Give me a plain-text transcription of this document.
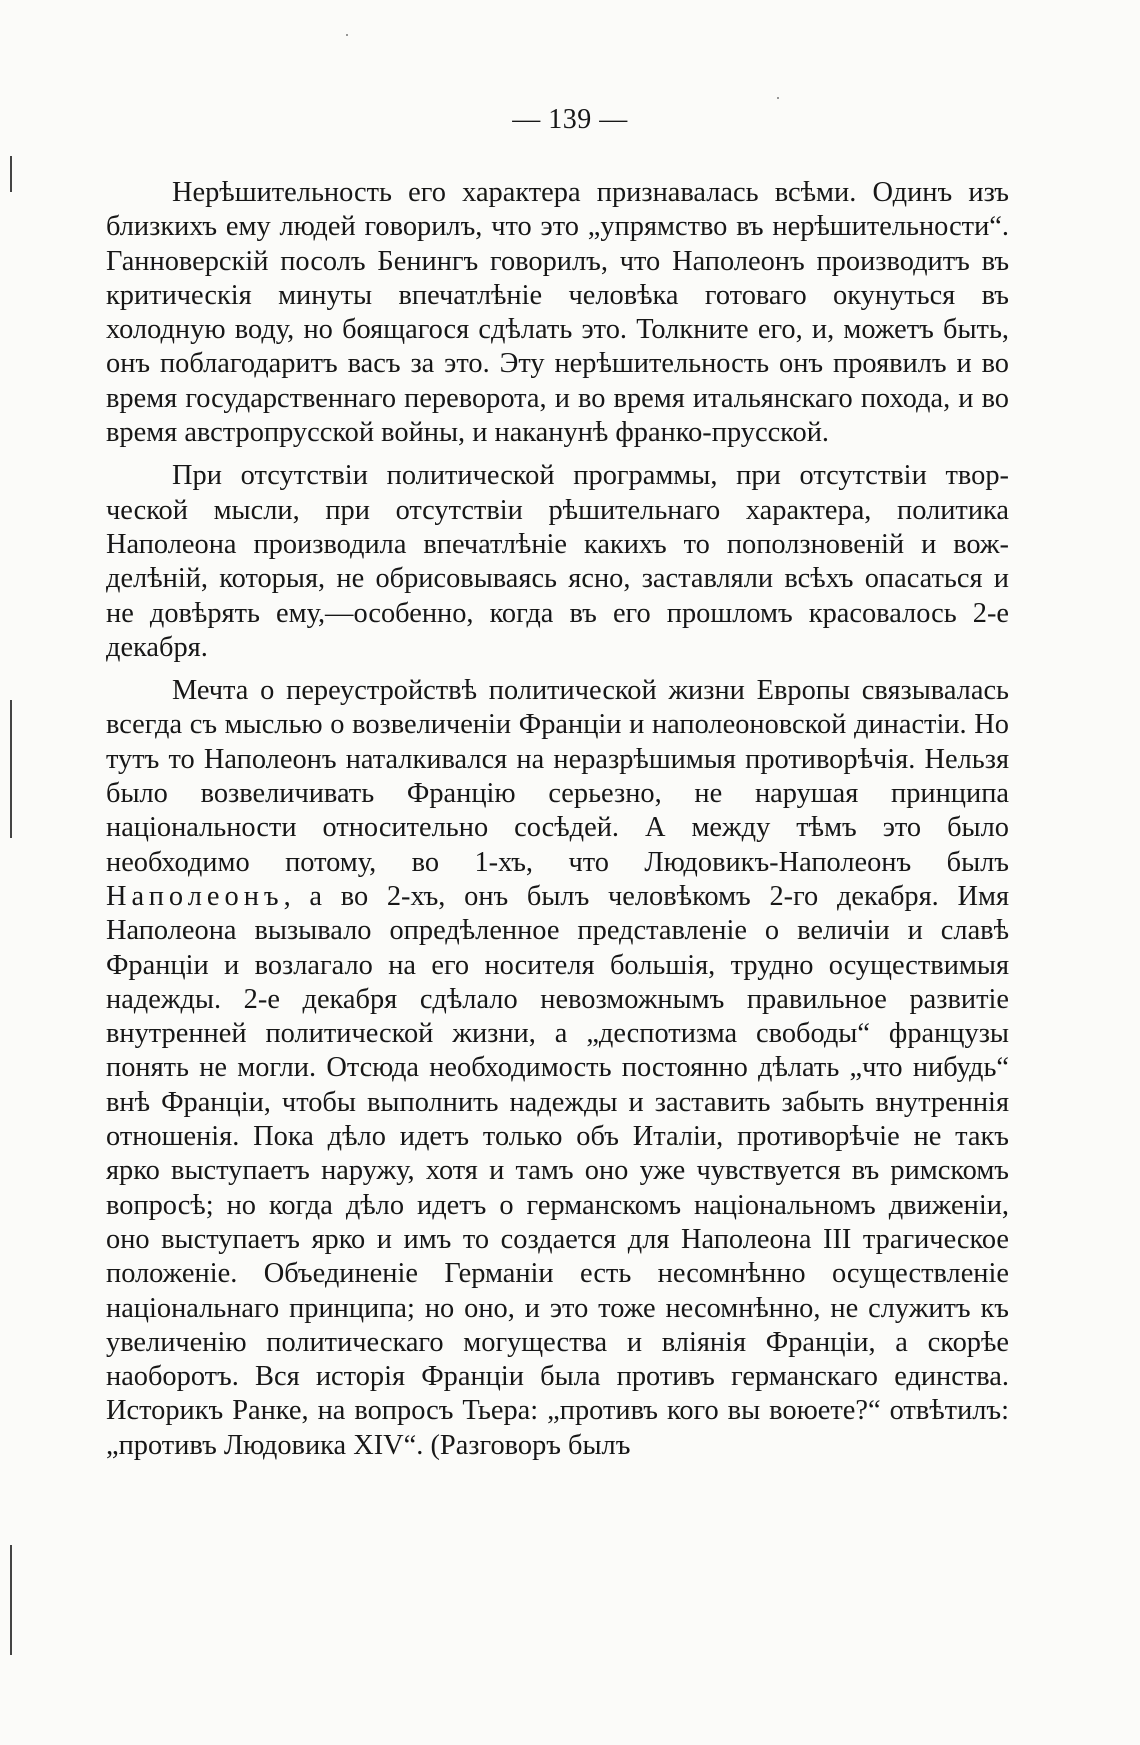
— 139 —

Нерѣшительность его характера признавалась всѣми. Одинъ изъ близкихъ ему людей говорилъ, что это „упрямство въ нерѣшительности“. Ганноверскій посолъ Бенингъ говорилъ, что Наполеонъ производитъ въ критическія минуты впечатлѣніе человѣка готоваго окунуться въ холодную воду, но боящагося сдѣлать это. Толкните его, и, можетъ быть, онъ поблагодаритъ васъ за это. Эту нерѣшительность онъ проявилъ и во время государственнаго переворота, и во время итальянскаго похода, и во время австропрусской войны, и наканунѣ франко-прусской.

При отсутствіи политической программы, при отсутствіи творческой мысли, при отсутствіи рѣшительнаго характера, политика Наполеона производила впечатлѣніе какихъ то поползновеній и вожделѣній, которыя, не обрисовываясь ясно, заставляли всѣхъ опасаться и не довѣрять ему,—особенно, когда въ его прошломъ красовалось 2-е декабря.

Мечта о переустройствѣ политической жизни Европы связывалась всегда съ мыслью о возвеличеніи Франціи и наполеоновской династіи. Но тутъ то Наполеонъ наталкивался на неразрѣшимыя противорѣчія. Нельзя было возвеличивать Францію серьезно, не нарушая принципа національности относительно сосѣдей. А между тѣмъ это было необходимо потому, во 1-хъ, что Людовикъ-Наполеонъ былъ Наполеонъ, а во 2-хъ, онъ былъ человѣкомъ 2-го декабря. Имя Наполеона вызывало опредѣленное представленіе о величіи и славѣ Франціи и возлагало на его носителя большія, трудно осуществимыя надежды. 2-е декабря сдѣлало невозможнымъ правильное развитіе внутренней политической жизни, а „деспотизма свободы“ французы понять не могли. Отсюда необходимость постоянно дѣлать „что нибудь“ внѣ Франціи, чтобы выполнить надежды и заставить забыть внутреннія отношенія. Пока дѣло идетъ только объ Италіи, противорѣчіе не такъ ярко выступаетъ наружу, хотя и тамъ оно уже чувствуется въ римскомъ вопросѣ; но когда дѣло идетъ о германскомъ національномъ движеніи, оно выступаетъ ярко и имъ то создается для Наполеона III трагическое положеніе. Объединеніе Германіи есть несомнѣнно осуществленіе національнаго принципа; но оно, и это тоже несомнѣнно, не служитъ къ увеличенію политическаго могущества и вліянія Франціи, а скорѣе наоборотъ. Вся исторія Франціи была противъ германскаго единства. Историкъ Ранке, на вопросъ Тьера: „противъ кого вы воюете?“ отвѣтилъ: „противъ Людовика XIV“. (Разговоръ былъ
